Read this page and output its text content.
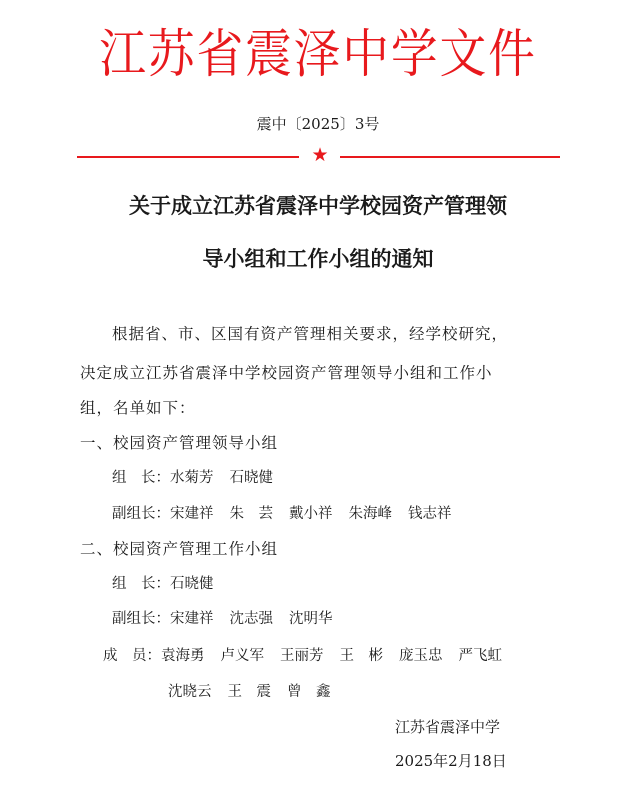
江苏省震泽中学文件
震中〔2025〕3号
★
关于成立江苏省震泽中学校园资产管理领
导小组和工作小组的通知
根据省、市、区国有资产管理相关要求，经学校研究，
决定成立江苏省震泽中学校园资产管理领导小组和工作小
组，名单如下：
一、校园资产管理领导小组
组　长：水菊芳 石晓健
副组长：宋建祥 朱　芸 戴小祥 朱海峰 钱志祥
二、校园资产管理工作小组
组　长：石晓健
副组长：宋建祥 沈志强 沈明华
成　员：袁海勇 卢义军 王丽芳 王　彬 庞玉忠 严飞虹
沈晓云 王　震 曾　鑫
江苏省震泽中学
2025年2月18日
